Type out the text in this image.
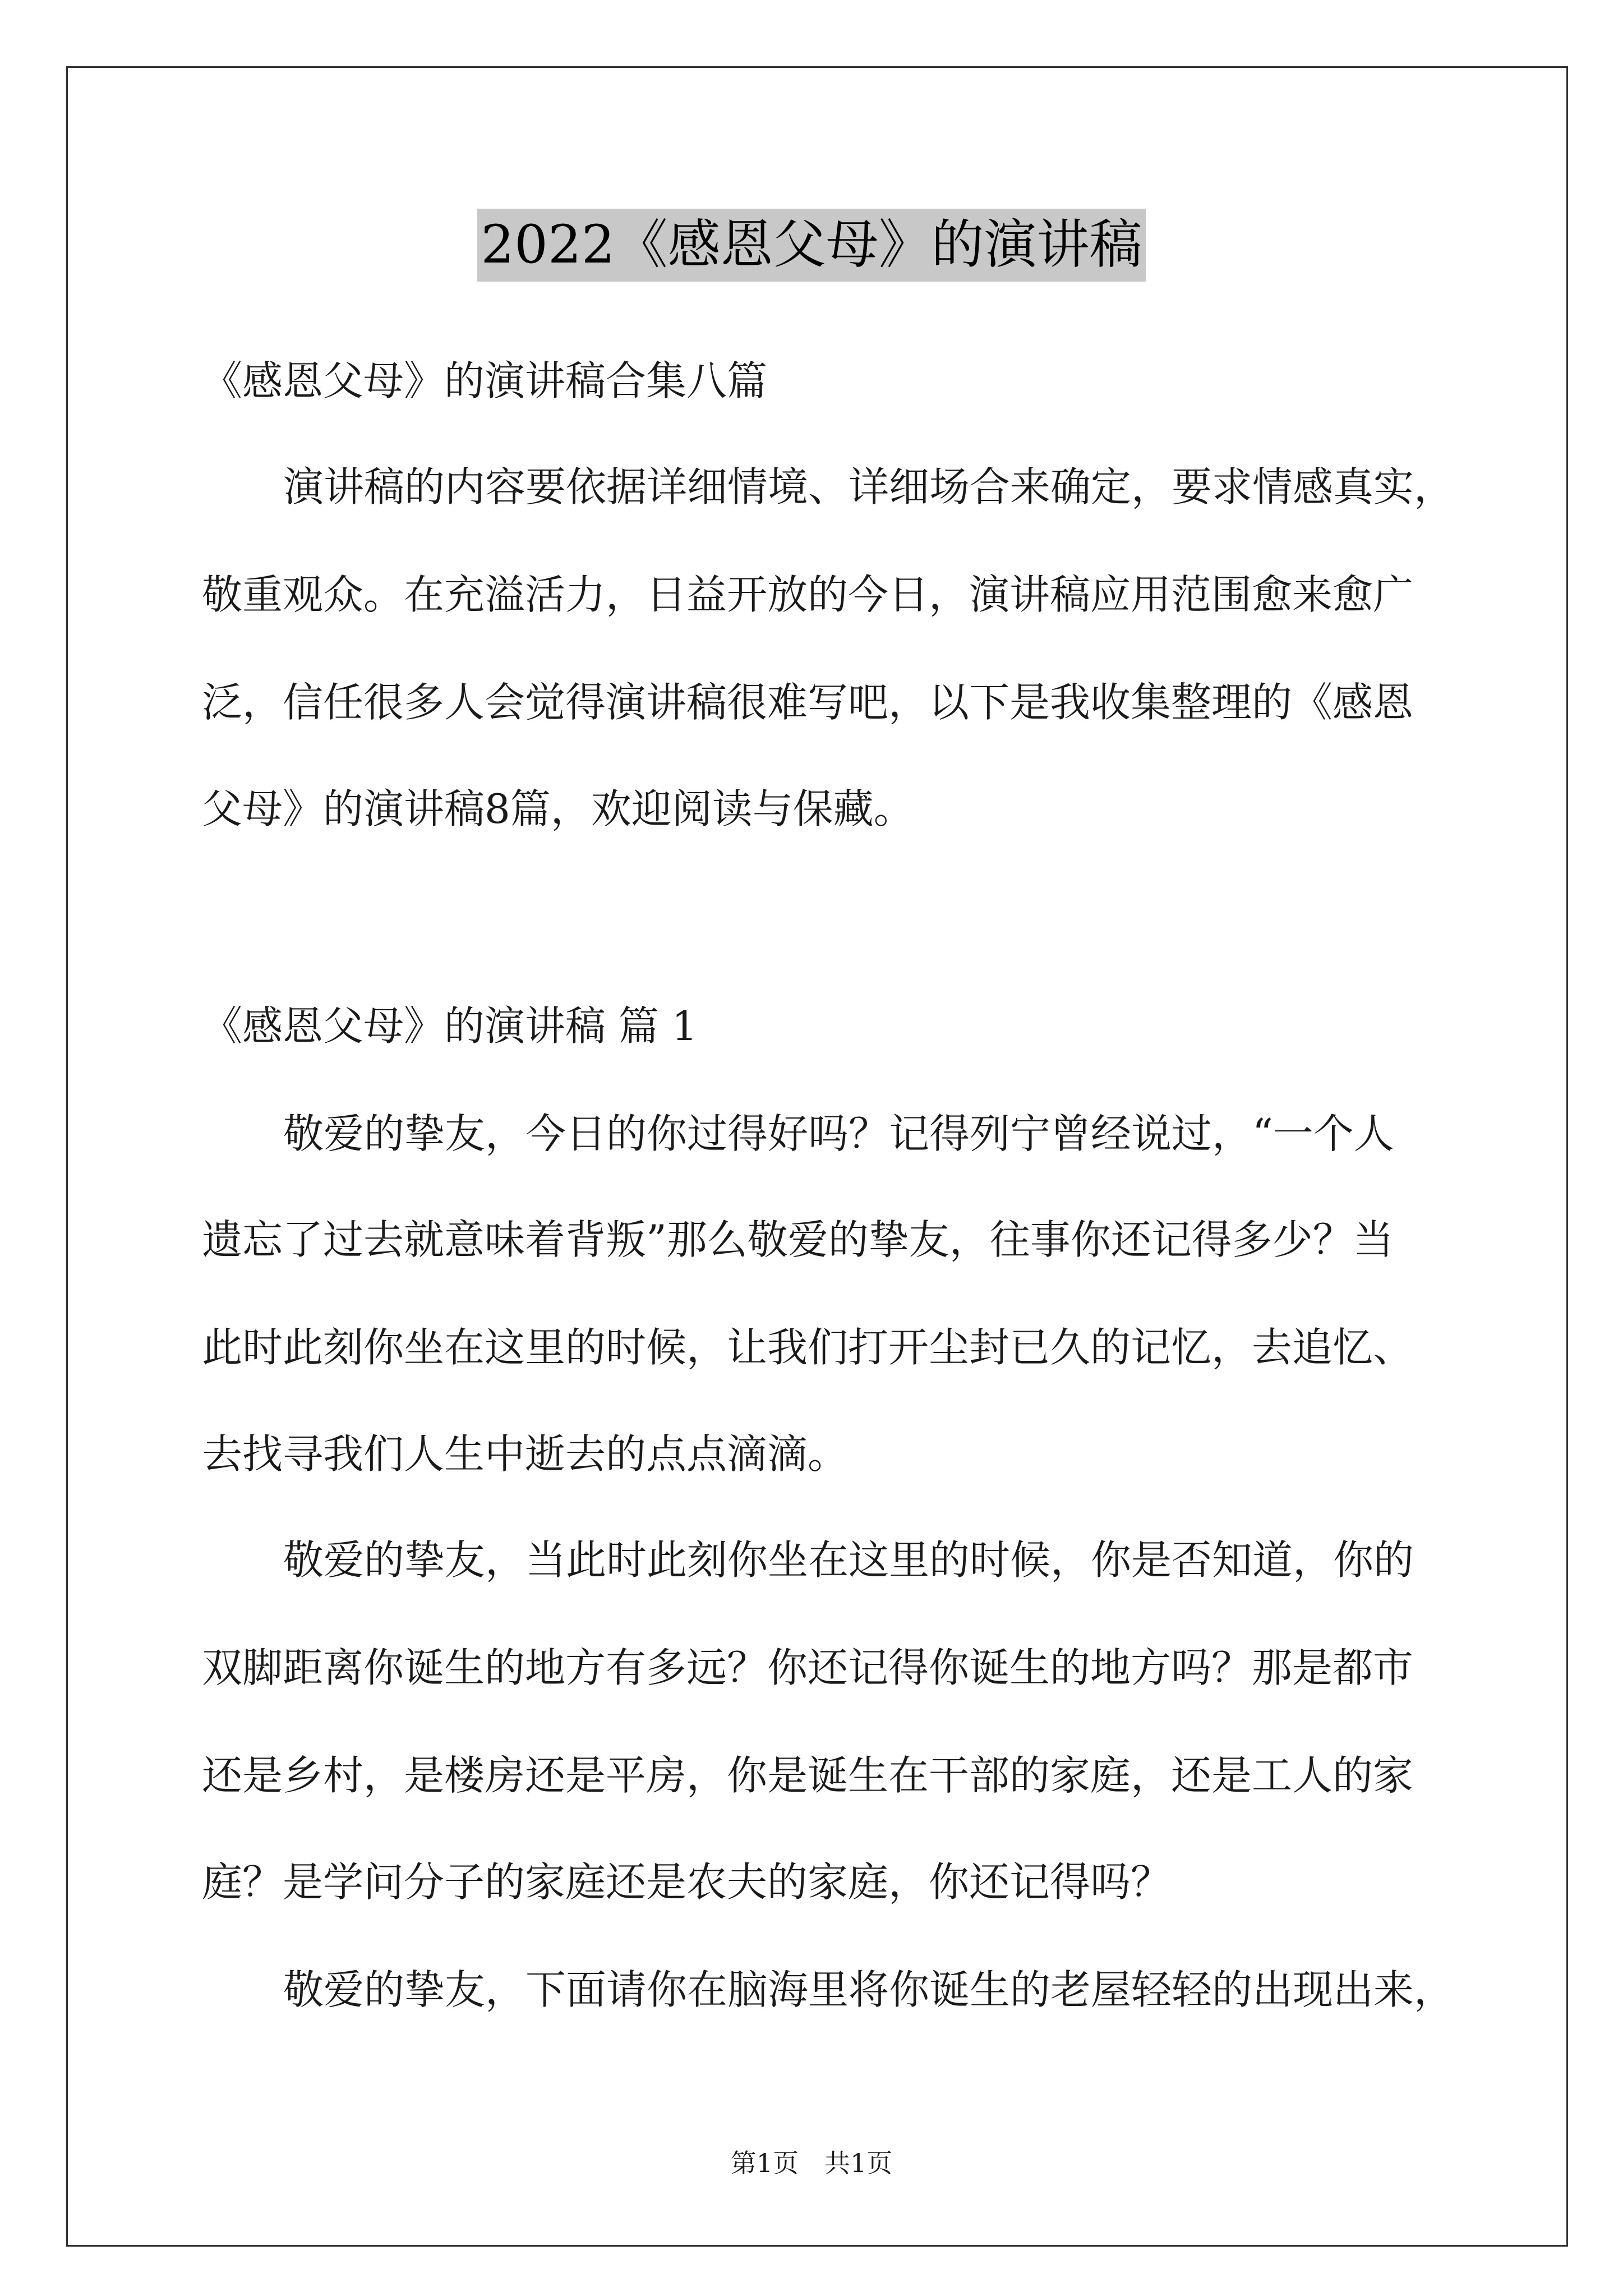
2022《感恩父母》的演讲稿
《感恩父母》的演讲稿合集八篇
演讲稿的内容要依据详细情境、详细场合来确定，要求情感真实，
敬重观众。在充溢活力，日益开放的今日，演讲稿应用范围愈来愈广
泛，信任很多人会觉得演讲稿很难写吧，以下是我收集整理的《感恩
父母》的演讲稿8篇，欢迎阅读与保藏。
《感恩父母》的演讲稿 篇 1
敬爱的挚友，今日的你过得好吗？记得列宁曾经说过，“一个人
遗忘了过去就意味着背叛”那么敬爱的挚友，往事你还记得多少？当
此时此刻你坐在这里的时候，让我们打开尘封已久的记忆，去追忆、
去找寻我们人生中逝去的点点滴滴。
敬爱的挚友，当此时此刻你坐在这里的时候，你是否知道，你的
双脚距离你诞生的地方有多远？你还记得你诞生的地方吗？那是都市
还是乡村，是楼房还是平房，你是诞生在干部的家庭，还是工人的家
庭？是学问分子的家庭还是农夫的家庭，你还记得吗？
敬爱的挚友，下面请你在脑海里将你诞生的老屋轻轻的出现出来，
第1页　共1页
